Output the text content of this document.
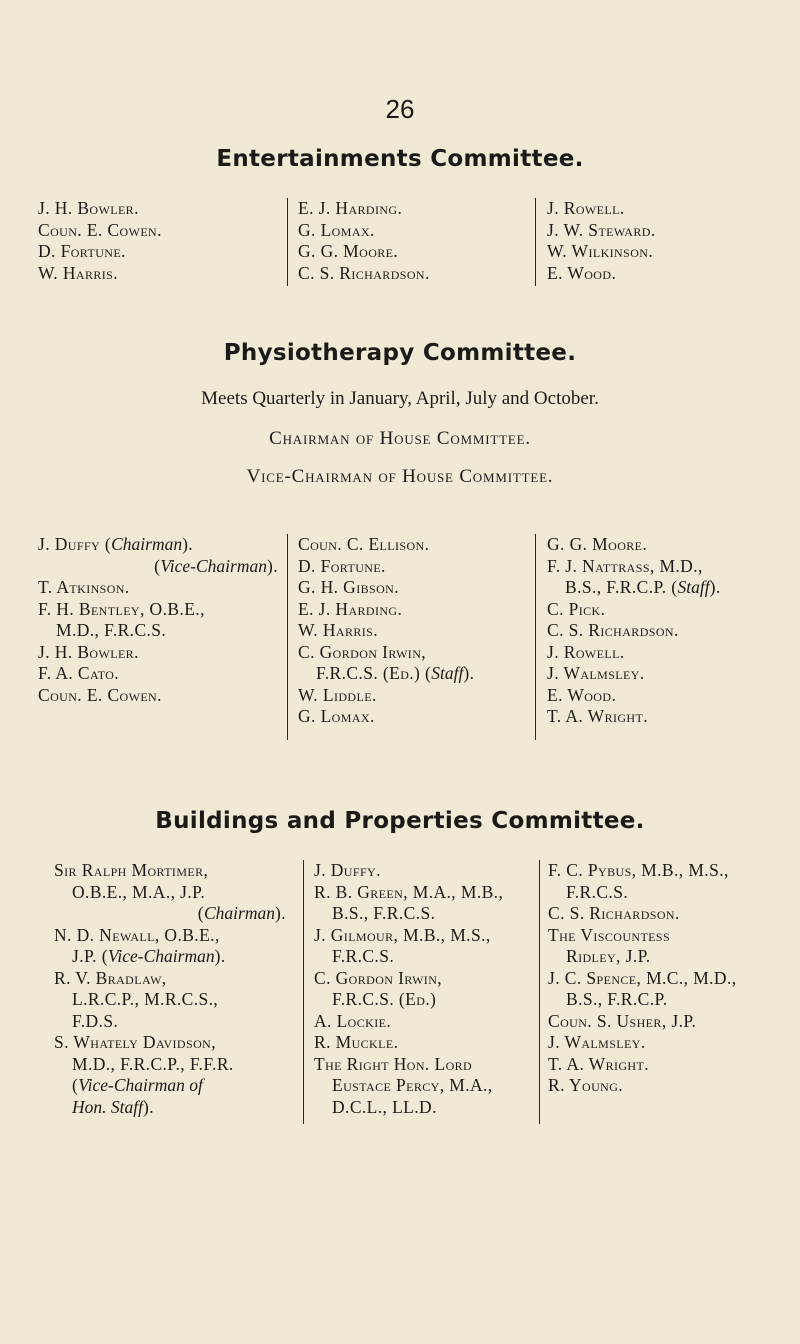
26
Entertainments Committee.
J. H. Bowler.
Coun. E. Cowen.
D. Fortune.
W. Harris.
E. J. Harding.
G. Lomax.
G. G. Moore.
C. S. Richardson.
J. Rowell.
J. W. Steward.
W. Wilkinson.
E. Wood.
Physiotherapy Committee.
Meets Quarterly in January, April, July and October.
Chairman of House Committee.
Vice-Chairman of House Committee.
J. Duffy (Chairman).
(Vice-Chairman).
T. Atkinson.
F. H. Bentley, O.B.E.,
M.D., F.R.C.S.
J. H. Bowler.
F. A. Cato.
Coun. E. Cowen.
Coun. C. Ellison.
D. Fortune.
G. H. Gibson.
E. J. Harding.
W. Harris.
C. Gordon Irwin,
F.R.C.S. (Ed.) (Staff).
W. Liddle.
G. Lomax.
G. G. Moore.
F. J. Nattrass, M.D.,
B.S., F.R.C.P. (Staff).
C. Pick.
C. S. Richardson.
J. Rowell.
J. Walmsley.
E. Wood.
T. A. Wright.
Buildings and Properties Committee.
Sir Ralph Mortimer,
O.B.E., M.A., J.P.
(Chairman).
N. D. Newall, O.B.E.,
J.P. (Vice-Chairman).
R. V. Bradlaw,
L.R.C.P., M.R.C.S.,
F.D.S.
S. Whately Davidson,
M.D., F.R.C.P., F.F.R.
(Vice-Chairman of
Hon. Staff).
J. Duffy.
R. B. Green, M.A., M.B.,
B.S., F.R.C.S.
J. Gilmour, M.B., M.S.,
F.R.C.S.
C. Gordon Irwin,
F.R.C.S. (Ed.)
A. Lockie.
R. Muckle.
The Right Hon. Lord
Eustace Percy, M.A.,
D.C.L., LL.D.
F. C. Pybus, M.B., M.S.,
F.R.C.S.
C. S. Richardson.
The Viscountess
Ridley, J.P.
J. C. Spence, M.C., M.D.,
B.S., F.R.C.P.
Coun. S. Usher, J.P.
J. Walmsley.
T. A. Wright.
R. Young.
